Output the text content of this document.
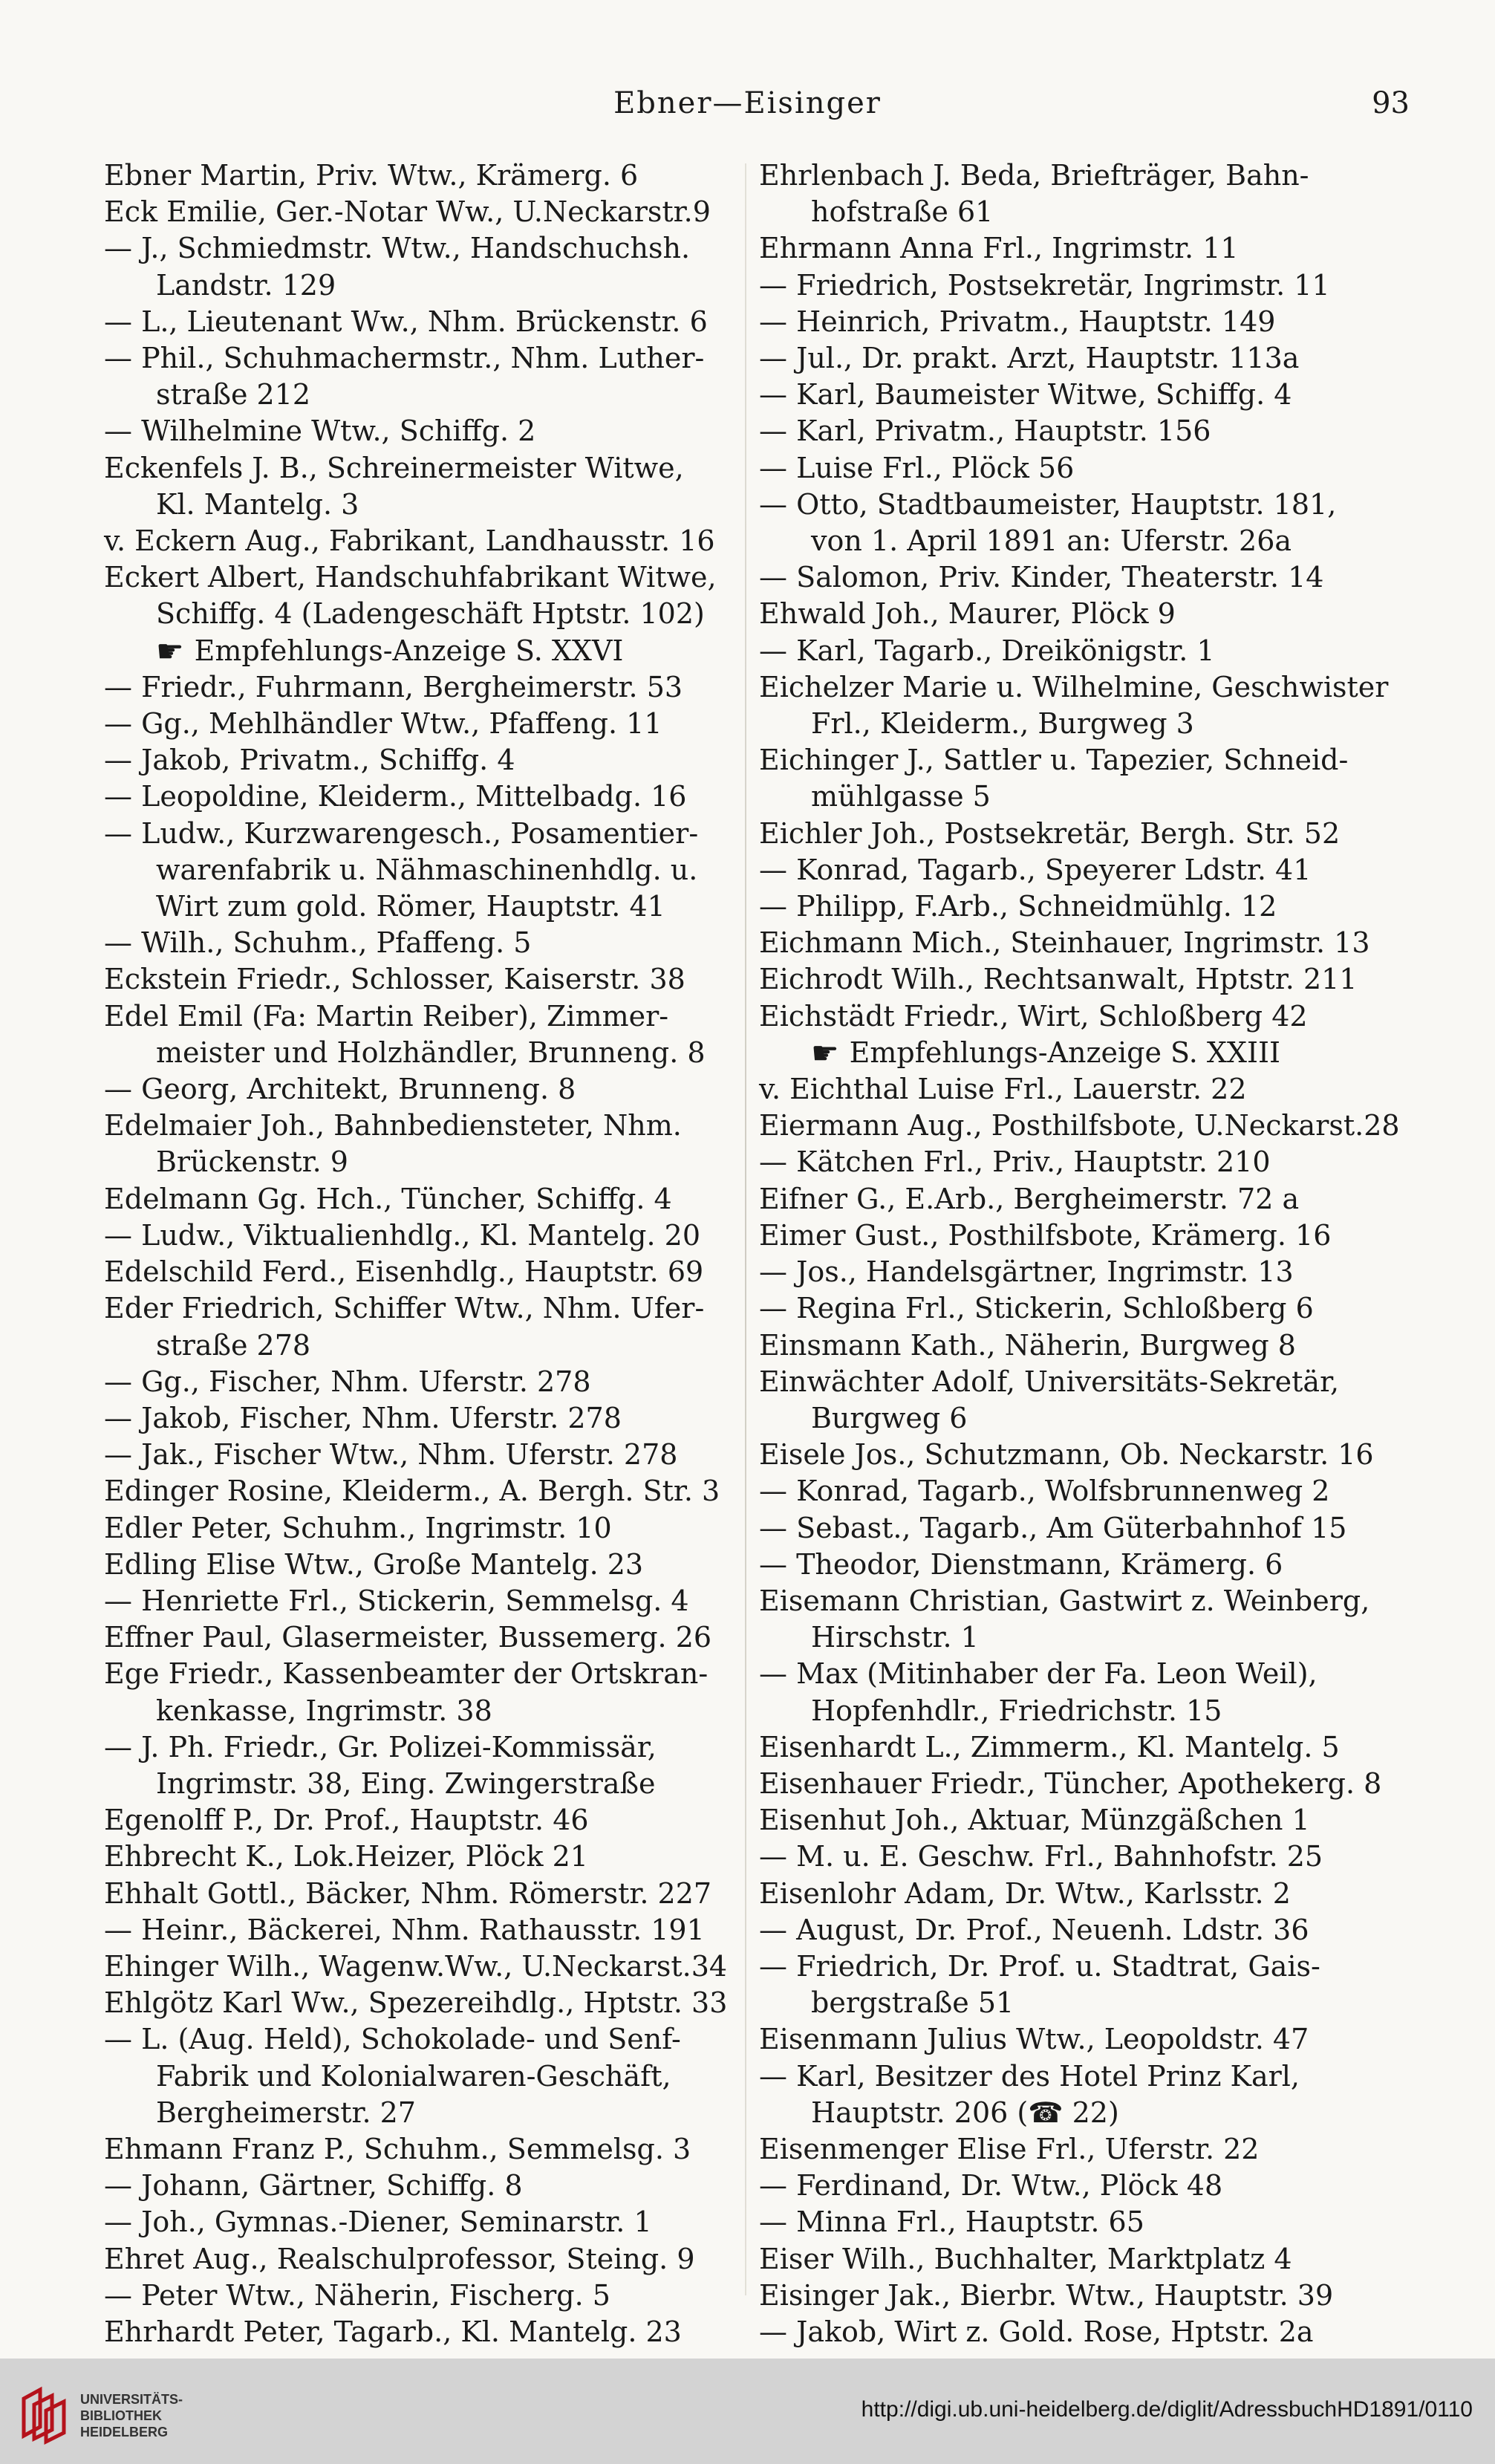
Ebner—Eisinger	93
Ebner Martin, Priv. Wtw., Krämerg. 6
Eck Emilie, Ger.-Notar Ww., U.Neckarstr.9
— J., Schmiedmstr. Wtw., Handschuchsh.
Landstr. 129
— L., Lieutenant Ww., Nhm. Brückenstr. 6
— Phil., Schuhmachermstr., Nhm. Luther-
straße 212
— Wilhelmine Wtw., Schiffg. 2
Eckenfels J. B., Schreinermeister Witwe,
Kl. Mantelg. 3
v. Eckern Aug., Fabrikant, Landhausstr. 16
Eckert Albert, Handschuhfabrikant Witwe,
Schiffg. 4 (Ladengeschäft Hptstr. 102)
☛ Empfehlungs-Anzeige S. XXVI
— Friedr., Fuhrmann, Bergheimerstr. 53
— Gg., Mehlhändler Wtw., Pfaffeng. 11
— Jakob, Privatm., Schiffg. 4
— Leopoldine, Kleiderm., Mittelbadg. 16
— Ludw., Kurzwarengesch., Posamentier-
warenfabrik u. Nähmaschinenhdlg. u.
Wirt zum gold. Römer, Hauptstr. 41
— Wilh., Schuhm., Pfaffeng. 5
Eckstein Friedr., Schlosser, Kaiserstr. 38
Edel Emil (Fa: Martin Reiber), Zimmer-
meister und Holzhändler, Brunneng. 8
— Georg, Architekt, Brunneng. 8
Edelmaier Joh., Bahnbediensteter, Nhm.
Brückenstr. 9
Edelmann Gg. Hch., Tüncher, Schiffg. 4
— Ludw., Viktualienhdlg., Kl. Mantelg. 20
Edelschild Ferd., Eisenhdlg., Hauptstr. 69
Eder Friedrich, Schiffer Wtw., Nhm. Ufer-
straße 278
— Gg., Fischer, Nhm. Uferstr. 278
— Jakob, Fischer, Nhm. Uferstr. 278
— Jak., Fischer Wtw., Nhm. Uferstr. 278
Edinger Rosine, Kleiderm., A. Bergh. Str. 3
Edler Peter, Schuhm., Ingrimstr. 10
Edling Elise Wtw., Große Mantelg. 23
— Henriette Frl., Stickerin, Semmelsg. 4
Effner Paul, Glasermeister, Bussemerg. 26
Ege Friedr., Kassenbeamter der Ortskran-
kenkasse, Ingrimstr. 38
— J. Ph. Friedr., Gr. Polizei-Kommissär,
Ingrimstr. 38, Eing. Zwingerstraße
Egenolff P., Dr. Prof., Hauptstr. 46
Ehbrecht K., Lok.Heizer, Plöck 21
Ehhalt Gottl., Bäcker, Nhm. Römerstr. 227
— Heinr., Bäckerei, Nhm. Rathausstr. 191
Ehinger Wilh., Wagenw.Ww., U.Neckarst.34
Ehlgötz Karl Ww., Spezereihdlg., Hptstr. 33
— L. (Aug. Held), Schokolade- und Senf-
Fabrik und Kolonialwaren-Geschäft,
Bergheimerstr. 27
Ehmann Franz P., Schuhm., Semmelsg. 3
— Johann, Gärtner, Schiffg. 8
— Joh., Gymnas.-Diener, Seminarstr. 1
Ehret Aug., Realschulprofessor, Steing. 9
— Peter Wtw., Näherin, Fischerg. 5
Ehrhardt Peter, Tagarb., Kl. Mantelg. 23
Ehrlenbach J. Beda, Briefträger, Bahn-
hofstraße 61
Ehrmann Anna Frl., Ingrimstr. 11
— Friedrich, Postsekretär, Ingrimstr. 11
— Heinrich, Privatm., Hauptstr. 149
— Jul., Dr. prakt. Arzt, Hauptstr. 113a
— Karl, Baumeister Witwe, Schiffg. 4
— Karl, Privatm., Hauptstr. 156
— Luise Frl., Plöck 56
— Otto, Stadtbaumeister, Hauptstr. 181,
von 1. April 1891 an: Uferstr. 26a
— Salomon, Priv. Kinder, Theaterstr. 14
Ehwald Joh., Maurer, Plöck 9
— Karl, Tagarb., Dreikönigstr. 1
Eichelzer Marie u. Wilhelmine, Geschwister
Frl., Kleiderm., Burgweg 3
Eichinger J., Sattler u. Tapezier, Schneid-
mühlgasse 5
Eichler Joh., Postsekretär, Bergh. Str. 52
— Konrad, Tagarb., Speyerer Ldstr. 41
— Philipp, F.Arb., Schneidmühlg. 12
Eichmann Mich., Steinhauer, Ingrimstr. 13
Eichrodt Wilh., Rechtsanwalt, Hptstr. 211
Eichstädt Friedr., Wirt, Schloßberg 42
☛ Empfehlungs-Anzeige S. XXIII
v. Eichthal Luise Frl., Lauerstr. 22
Eiermann Aug., Posthilfsbote, U.Neckarst.28
— Kätchen Frl., Priv., Hauptstr. 210
Eifner G., E.Arb., Bergheimerstr. 72 a
Eimer Gust., Posthilfsbote, Krämerg. 16
— Jos., Handelsgärtner, Ingrimstr. 13
— Regina Frl., Stickerin, Schloßberg 6
Einsmann Kath., Näherin, Burgweg 8
Einwächter Adolf, Universitäts-Sekretär,
Burgweg 6
Eisele Jos., Schutzmann, Ob. Neckarstr. 16
— Konrad, Tagarb., Wolfsbrunnenweg 2
— Sebast., Tagarb., Am Güterbahnhof 15
— Theodor, Dienstmann, Krämerg. 6
Eisemann Christian, Gastwirt z. Weinberg,
Hirschstr. 1
— Max (Mitinhaber der Fa. Leon Weil),
Hopfenhdlr., Friedrichstr. 15
Eisenhardt L., Zimmerm., Kl. Mantelg. 5
Eisenhauer Friedr., Tüncher, Apothekerg. 8
Eisenhut Joh., Aktuar, Münzgäßchen 1
— M. u. E. Geschw. Frl., Bahnhofstr. 25
Eisenlohr Adam, Dr. Wtw., Karlsstr. 2
— August, Dr. Prof., Neuenh. Ldstr. 36
— Friedrich, Dr. Prof. u. Stadtrat, Gais-
bergstraße 51
Eisenmann Julius Wtw., Leopoldstr. 47
— Karl, Besitzer des Hotel Prinz Karl,
Hauptstr. 206 (☎ 22)
Eisenmenger Elise Frl., Uferstr. 22
— Ferdinand, Dr. Wtw., Plöck 48
— Minna Frl., Hauptstr. 65
Eiser Wilh., Buchhalter, Marktplatz 4
Eisinger Jak., Bierbr. Wtw., Hauptstr. 39
— Jakob, Wirt z. Gold. Rose, Hptstr. 2a
UNIVERSITÄTS-
BIBLIOTHEK
HEIDELBERG
http://digi.ub.uni-heidelberg.de/diglit/AdressbuchHD1891/0110
